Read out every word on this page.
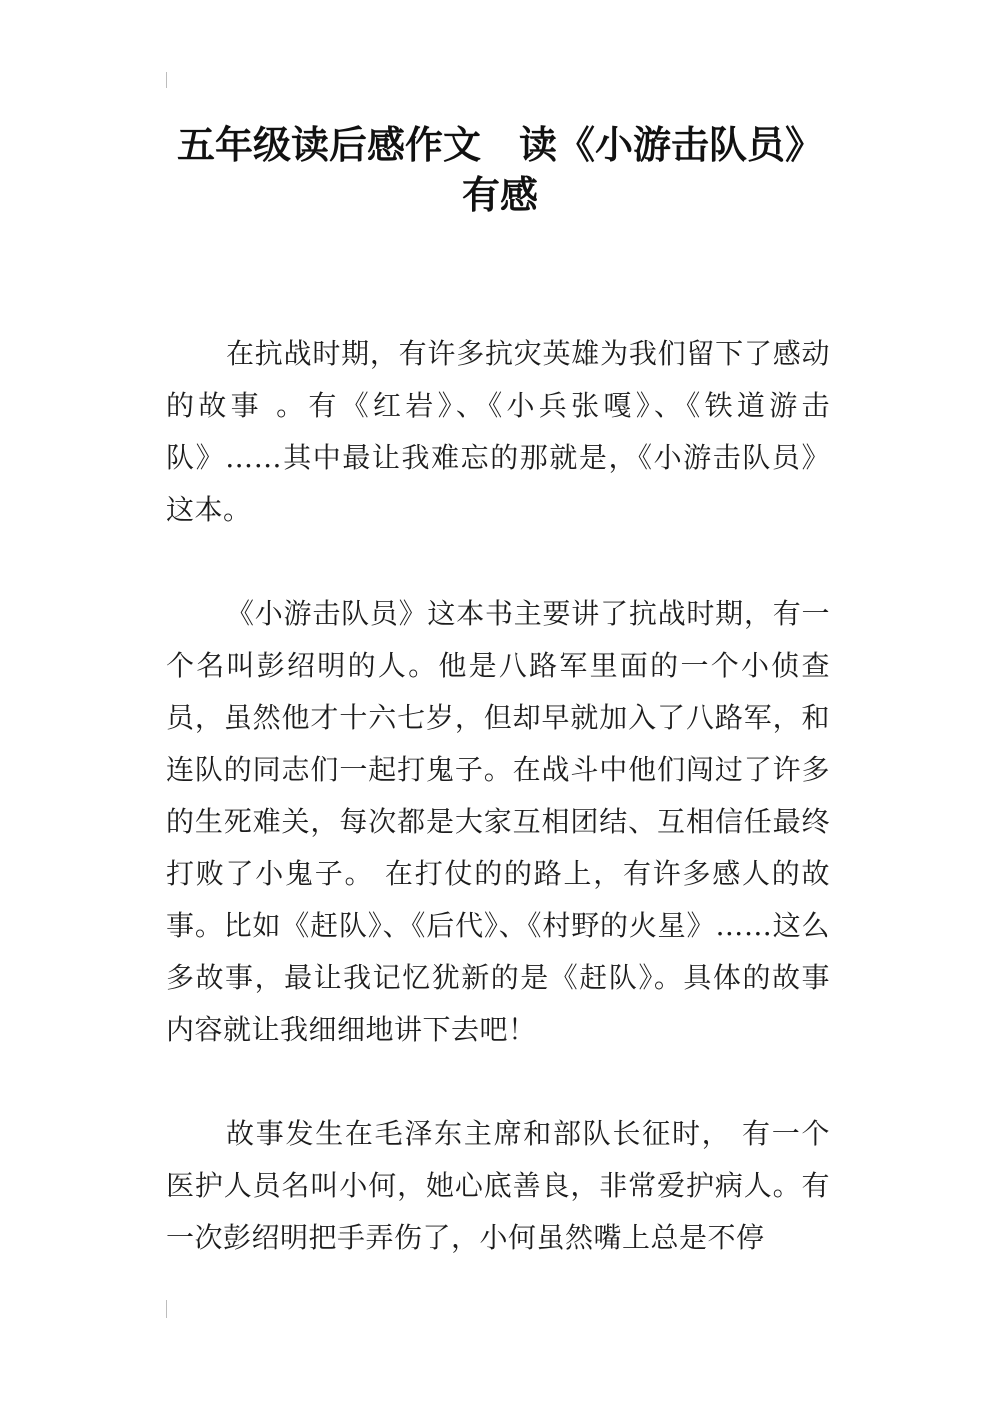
五年级读后感作文　读《小游击队员》有感

在抗战时期，有许多抗灾英雄为我们留下了感动的故事 。有《红岩》、《小兵张嘎》、《铁道游击队》……其中最让我难忘的那就是，《小游击队员》这本。

《小游击队员》这本书主要讲了抗战时期，有一个名叫彭绍明的人。他是八路军里面的一个小侦查员，虽然他才十六七岁，但却早就加入了八路军，和连队的同志们一起打鬼子。在战斗中他们闯过了许多的生死难关，每次都是大家互相团结、互相信任最终打败了小鬼子。 在打仗的的路上，有许多感人的故事。比如《赶队》、《后代》、《村野的火星》……这么多故事，最让我记忆犹新的是《赶队》。具体的故事内容就让我细细地讲下去吧！

故事发生在毛泽东主席和部队长征时， 有一个医护人员名叫小何，她心底善良，非常爱护病人。有一次彭绍明把手弄伤了，小何虽然嘴上总是不停
